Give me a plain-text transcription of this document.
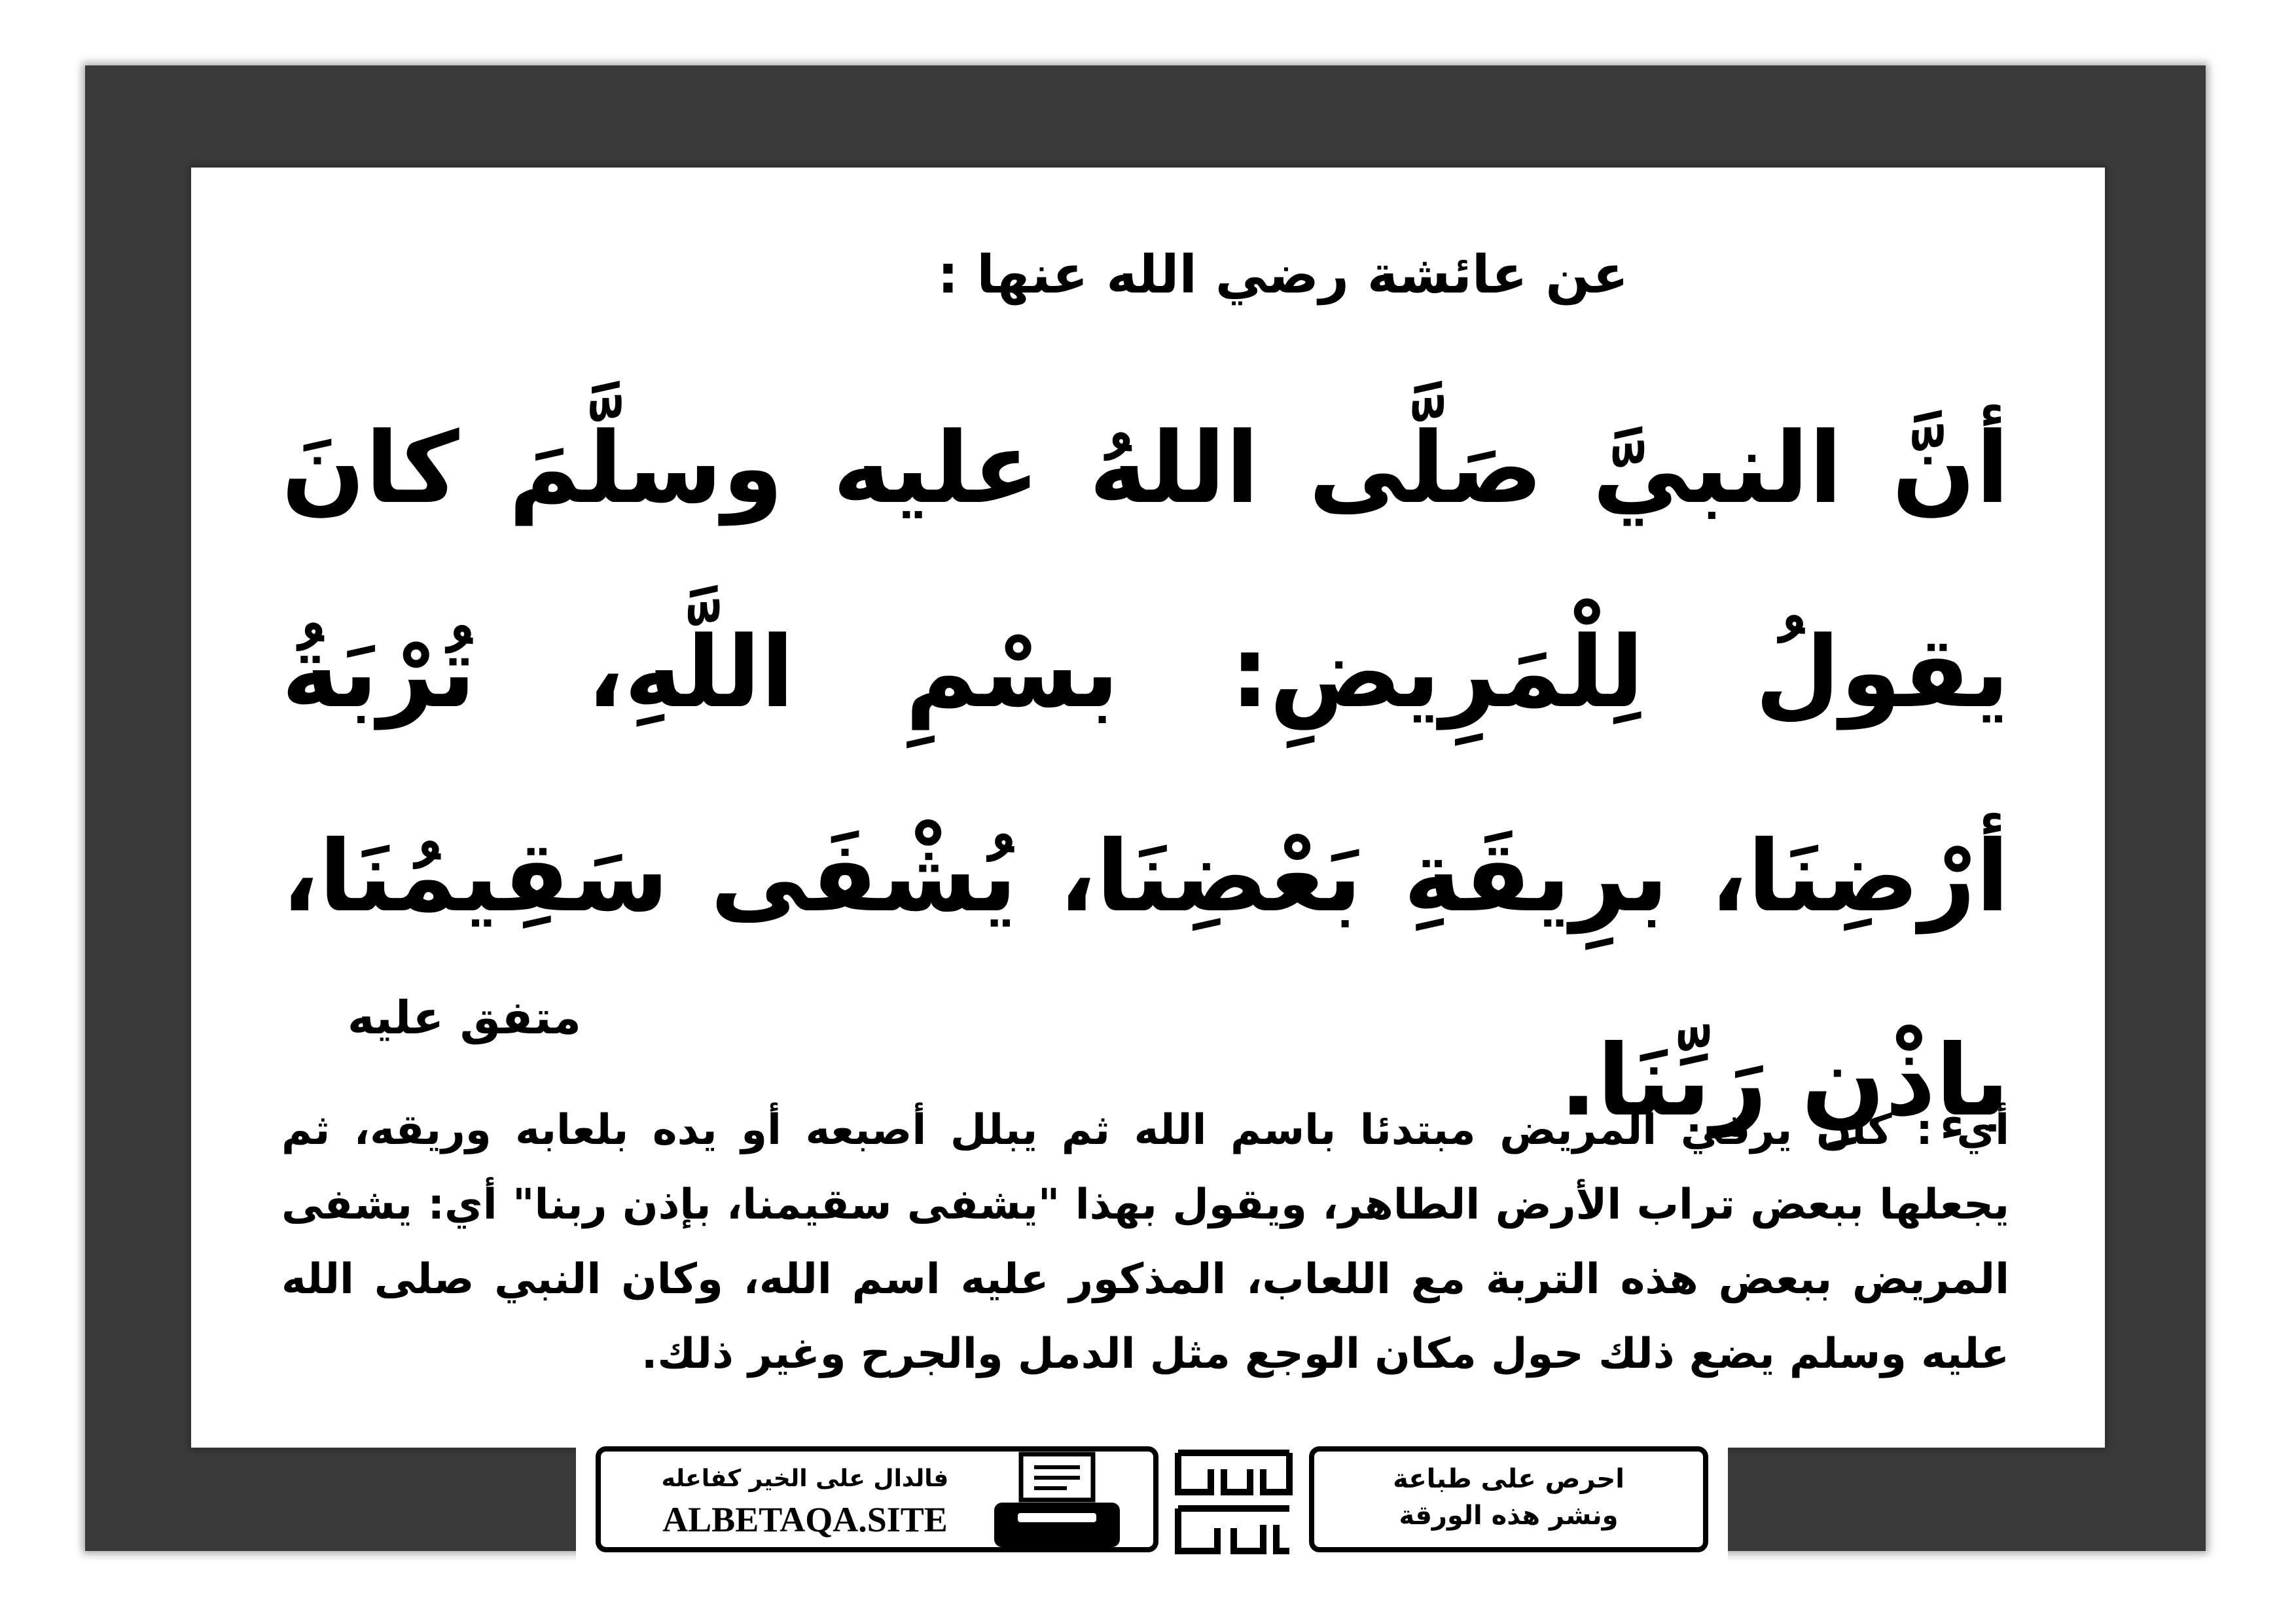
عن عائشة رضي الله عنها :
أنَّ النبيَّ صَلَّى اللهُ عليه وسلَّمَ كانَ يقولُ لِلْمَرِيضِ: بسْمِ اللَّهِ، تُرْبَةُ أرْضِنَا، برِيقَةِ بَعْضِنَا، يُشْفَى سَقِيمُنَا، بإذْنِ رَبِّنَا.
متفق عليه
أي : كان يرقي المريض مبتدئا باسم الله ثم يبلل أصبعه أو يده بلعابه وريقه، ثم يجعلها ببعض تراب الأرض الطاهر، ويقول بهذا "يشفى سقيمنا، بإذن ربنا" أي: يشفى المريض ببعض هذه التربة مع اللعاب، المذكور عليه اسم الله، وكان النبي صلى الله عليه وسلم يضع ذلك حول مكان الوجع مثل الدمل والجرح وغير ذلك.
فالدال على الخير كفاعله
ALBETAQA.SITE
احرص على طباعة
ونشر هذه الورقة
